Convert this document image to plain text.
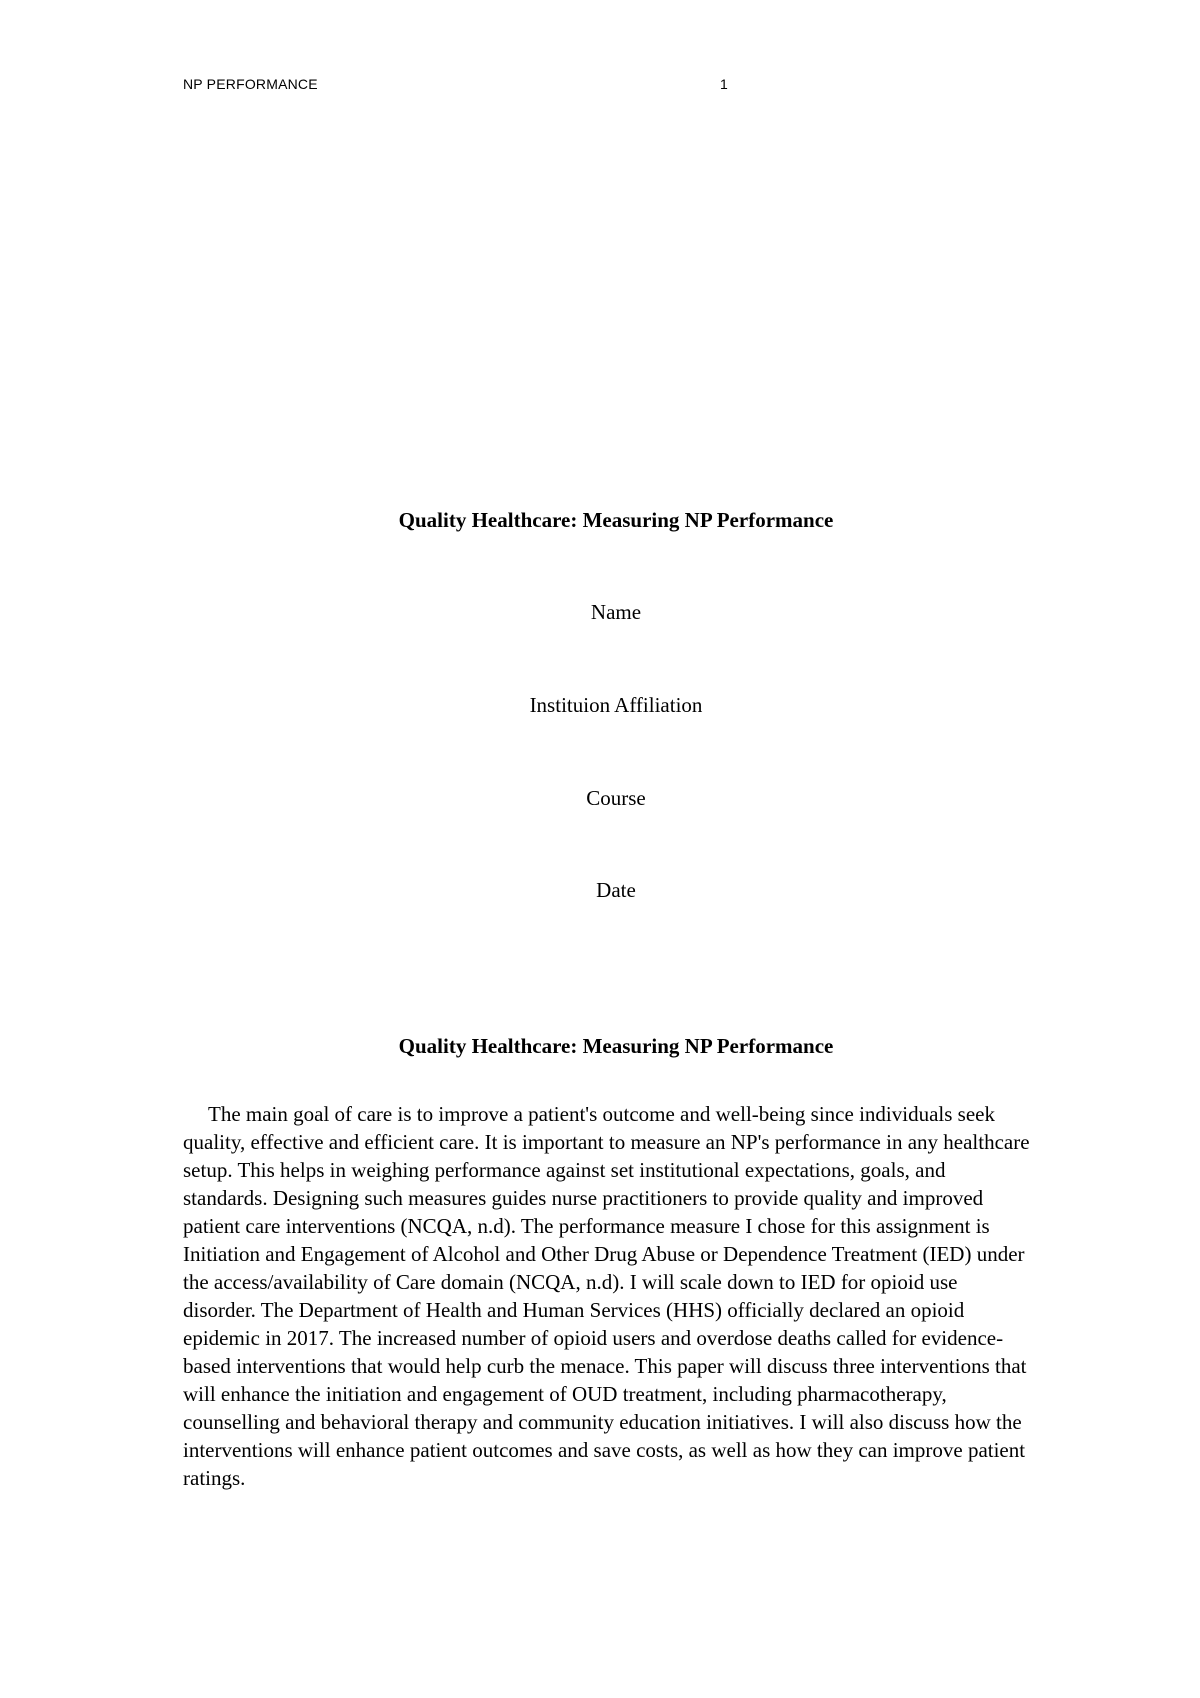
NP PERFORMANCE	1
Quality Healthcare: Measuring NP Performance
Name
Instituion Affiliation
Course
Date
Quality Healthcare: Measuring NP Performance

The main goal of care is to improve a patient's outcome and well-being since individuals seek quality, effective and efficient care. It is important to measure an NP's performance in any healthcare setup. This helps in weighing performance against set institutional expectations, goals, and standards. Designing such measures guides nurse practitioners to provide quality and improved patient care interventions (NCQA, n.d). The performance measure I chose for this assignment is Initiation and Engagement of Alcohol and Other Drug Abuse or Dependence Treatment (IED) under the access/availability of Care domain (NCQA, n.d). I will scale down to IED for opioid use disorder. The Department of Health and Human Services (HHS) officially declared an opioid epidemic in 2017. The increased number of opioid users and overdose deaths called for evidence-based interventions that would help curb the menace. This paper will discuss three interventions that will enhance the initiation and engagement of OUD treatment, including pharmacotherapy, counselling and behavioral therapy and community education initiatives. I will also discuss how the interventions will enhance patient outcomes and save costs, as well as how they can improve patient ratings.
